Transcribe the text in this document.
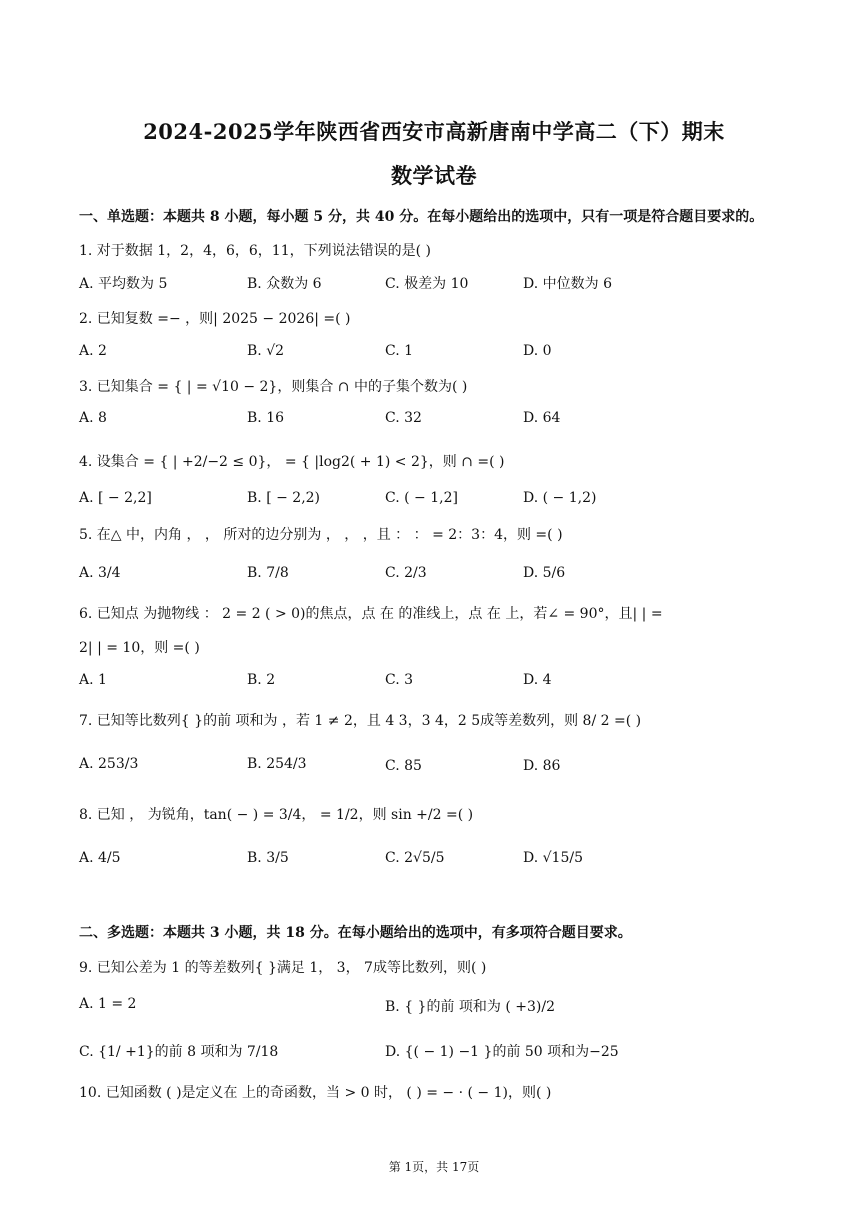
2024-2025学年陕西省西安市高新唐南中学高二（下）期末
数学试卷
一、单选题：本题共 8 小题，每小题 5 分，共 40 分。在每小题给出的选项中，只有一项是符合题目要求的。
1. 对于数据 1，2，4，6，6，11，下列说法错误的是( )
A. 平均数为 5	B. 众数为 6	C. 极差为 10	D. 中位数为 6
2. 已知复数 =− ，则| 2025 − 2026| =( )
A. 2	B. √2	C. 1	D. 0
3. 已知集合 = { | = √10 − 2}，则集合 ∩ 中的子集个数为( )
A. 8	B. 16	C. 32	D. 64
4. 设集合 = { | +2/−2 ≤ 0}， = { |log2( + 1) < 2}，则 ∩ =( )
A. [ − 2,2]	B. [ − 2,2)	C. ( − 1,2]	D. ( − 1,2)
5. 在△ 中，内角 ， ， 所对的边分别为 ， ， ，且 ： ： = 2：3：4，则 =( )
A. 3/4	B. 7/8	C. 2/3	D. 5/6
6. 已知点 为抛物线 ： 2 = 2 ( > 0)的焦点，点 在 的准线上，点 在 上，若∠ = 90°，且| | =
2| | = 10，则 =( )
A. 1	B. 2	C. 3	D. 4
7. 已知等比数列{ }的前 项和为 ，若 1 ≠ 2，且 4 3，3 4，2 5成等差数列，则 8/ 2 =( )
A. 253/3	B. 254/3	C. 85	D. 86
8. 已知 ， 为锐角，tan( − ) = 3/4， = 1/2，则 sin +/2 =( )
A. 4/5	B. 3/5	C. 2√5/5	D. √15/5
二、多选题：本题共 3 小题，共 18 分。在每小题给出的选项中，有多项符合题目要求。
9. 已知公差为 1 的等差数列{ }满足 1， 3， 7成等比数列，则( )
A. 1 = 2	B. { }的前 项和为 ( +3)/2
C. {1/ +1}的前 8 项和为 7/18	D. {( − 1) −1 }的前 50 项和为−25
10. 已知函数 ( )是定义在 上的奇函数，当 > 0 时， ( ) = − · ( − 1)，则( )
第 1页，共 17页
